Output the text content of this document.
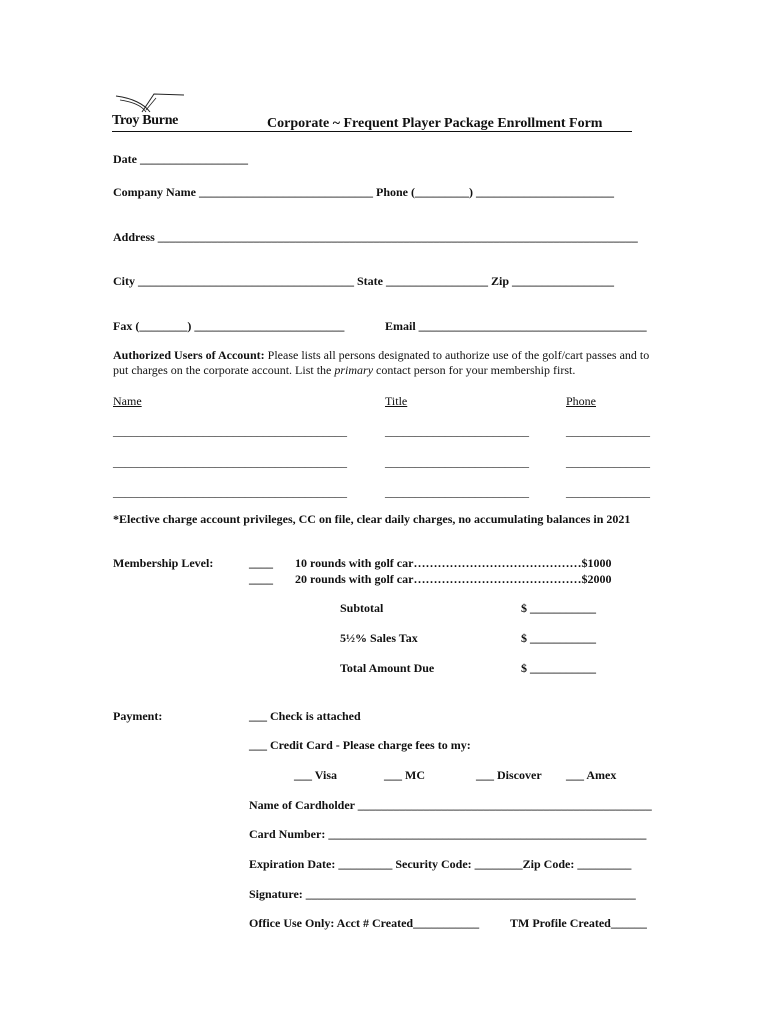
Troy Burne	Corporate ~ Frequent Player Package Enrollment Form
Date __________________
Company Name _____________________________ Phone (_________) _______________________
Address ________________________________________________________________________________
City ____________________________________ State _________________ Zip _________________
Fax (________) _________________________	Email ______________________________________
Authorized Users of Account: Please lists all persons designated to authorize use of the golf/cart passes and to put charges on the corporate account. List the primary contact person for your membership first.
Name	Title	Phone
_______________________________________	________________________	______________
_______________________________________	________________________	______________
_______________________________________	________________________	______________
*Elective charge account privileges, CC on file, clear daily charges, no accumulating balances in 2021
Membership Level:	____ 10 rounds with golf car……………………………………$1000
____ 20 rounds with golf car……………………………………$2000
Subtotal	$ ___________
5½% Sales Tax	$ ___________
Total Amount Due	$ ___________
Payment:	___ Check is attached
___ Credit Card - Please charge fees to my:
___ Visa	___ MC	___ Discover ___ Amex
Name of Cardholder _________________________________________________
Card Number: _____________________________________________________
Expiration Date: _________ Security Code: ________Zip Code: _________
Signature: _______________________________________________________
Office Use Only: Acct # Created___________	TM Profile Created______
